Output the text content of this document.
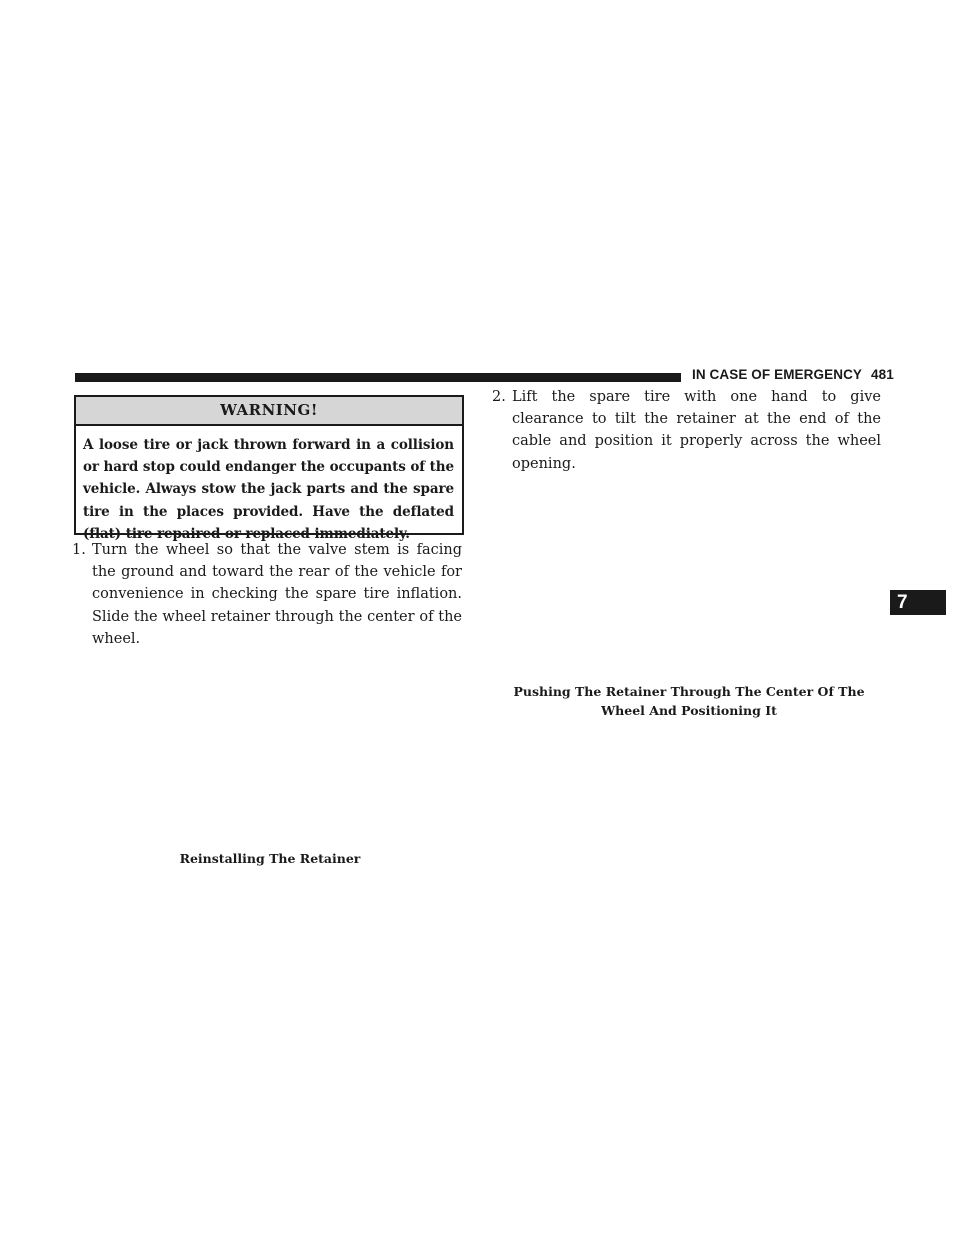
IN CASE OF EMERGENCY 481
WARNING!
A loose tire or jack thrown forward in a collision or hard stop could endanger the occupants of the vehicle. Always stow the jack parts and the spare tire in the places provided. Have the deflated (flat) tire repaired or replaced immediately.
1. Turn the wheel so that the valve stem is facing the ground and toward the rear of the vehicle for convenience in checking the spare tire inflation. Slide the wheel retainer through the center of the wheel.
Reinstalling The Retainer
2. Lift the spare tire with one hand to give clearance to tilt the retainer at the end of the cable and position it properly across the wheel opening.
Pushing The Retainer Through The Center Of The Wheel And Positioning It
7
